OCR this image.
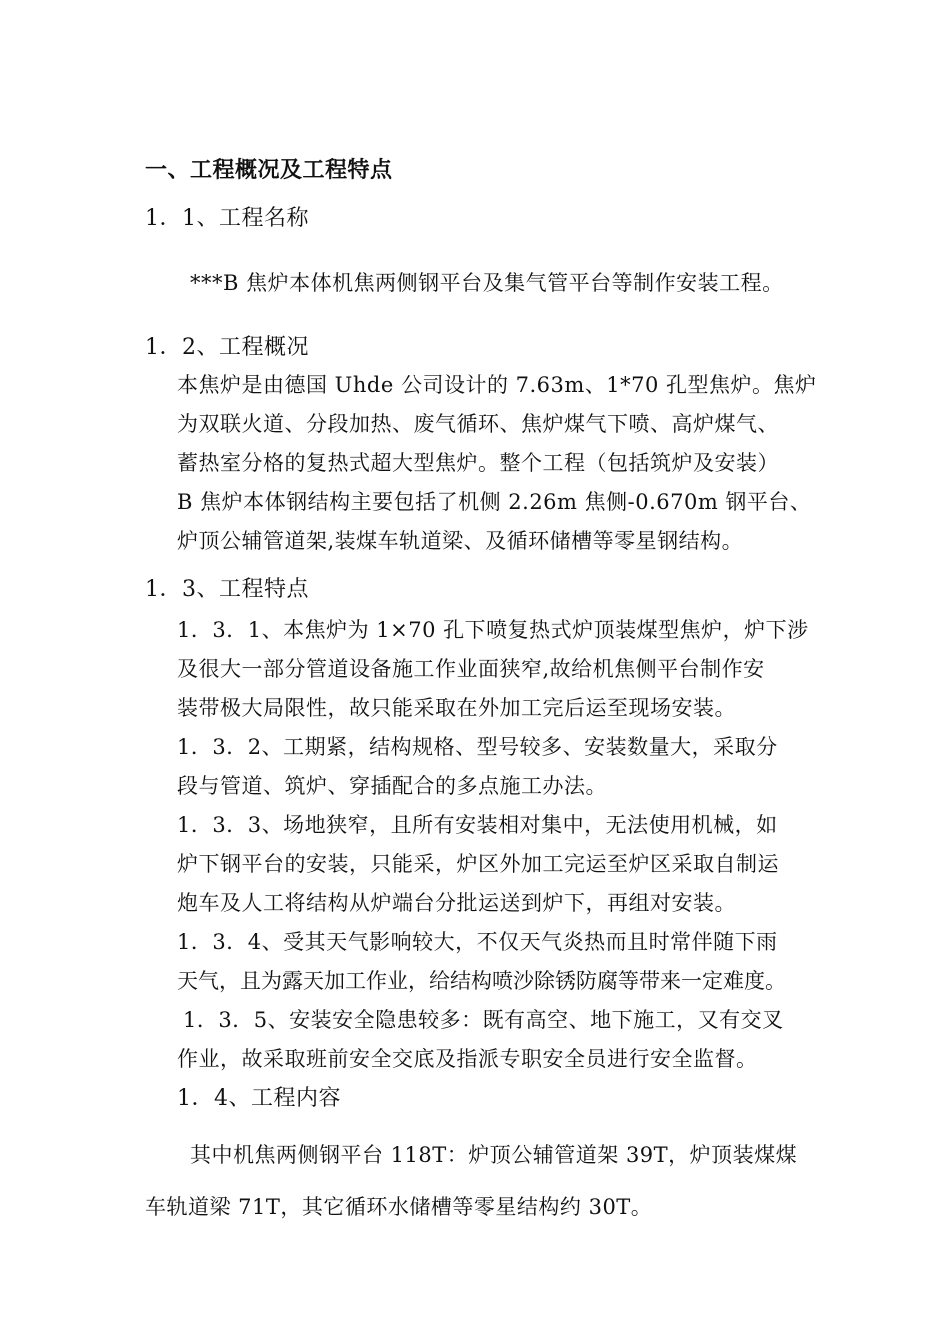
一、工程概况及工程特点
1．1、工程名称
***B 焦炉本体机焦两侧钢平台及集气管平台等制作安装工程。
1．2、工程概况
本焦炉是由德国 Uhde 公司设计的 7.63m、1*70 孔型焦炉。焦炉
为双联火道、分段加热、废气循环、焦炉煤气下喷、高炉煤气、
蓄热室分格的复热式超大型焦炉。整个工程（包括筑炉及安装）
B 焦炉本体钢结构主要包括了机侧 2.26m 焦侧-0.670m 钢平台、
炉顶公辅管道架,装煤车轨道梁、及循环储槽等零星钢结构。
1．3、工程特点
1．3．1、本焦炉为 1×70 孔下喷复热式炉顶装煤型焦炉，炉下涉
及很大一部分管道设备施工作业面狭窄,故给机焦侧平台制作安
装带极大局限性，故只能采取在外加工完后运至现场安装。
1．3．2、工期紧，结构规格、型号较多、安装数量大，采取分
段与管道、筑炉、穿插配合的多点施工办法。
1．3．3、场地狭窄，且所有安装相对集中，无法使用机械，如
炉下钢平台的安装，只能采，炉区外加工完运至炉区采取自制运
炮车及人工将结构从炉端台分批运送到炉下，再组对安装。
1．3．4、受其天气影响较大，不仅天气炎热而且时常伴随下雨
天气，且为露天加工作业，给结构喷沙除锈防腐等带来一定难度。
1．3．5、安装安全隐患较多：既有高空、地下施工，又有交叉
作业，故采取班前安全交底及指派专职安全员进行安全监督。
1．4、工程内容
其中机焦两侧钢平台 118T：炉顶公辅管道架 39T，炉顶装煤煤
车轨道梁 71T，其它循环水储槽等零星结构约 30T。
